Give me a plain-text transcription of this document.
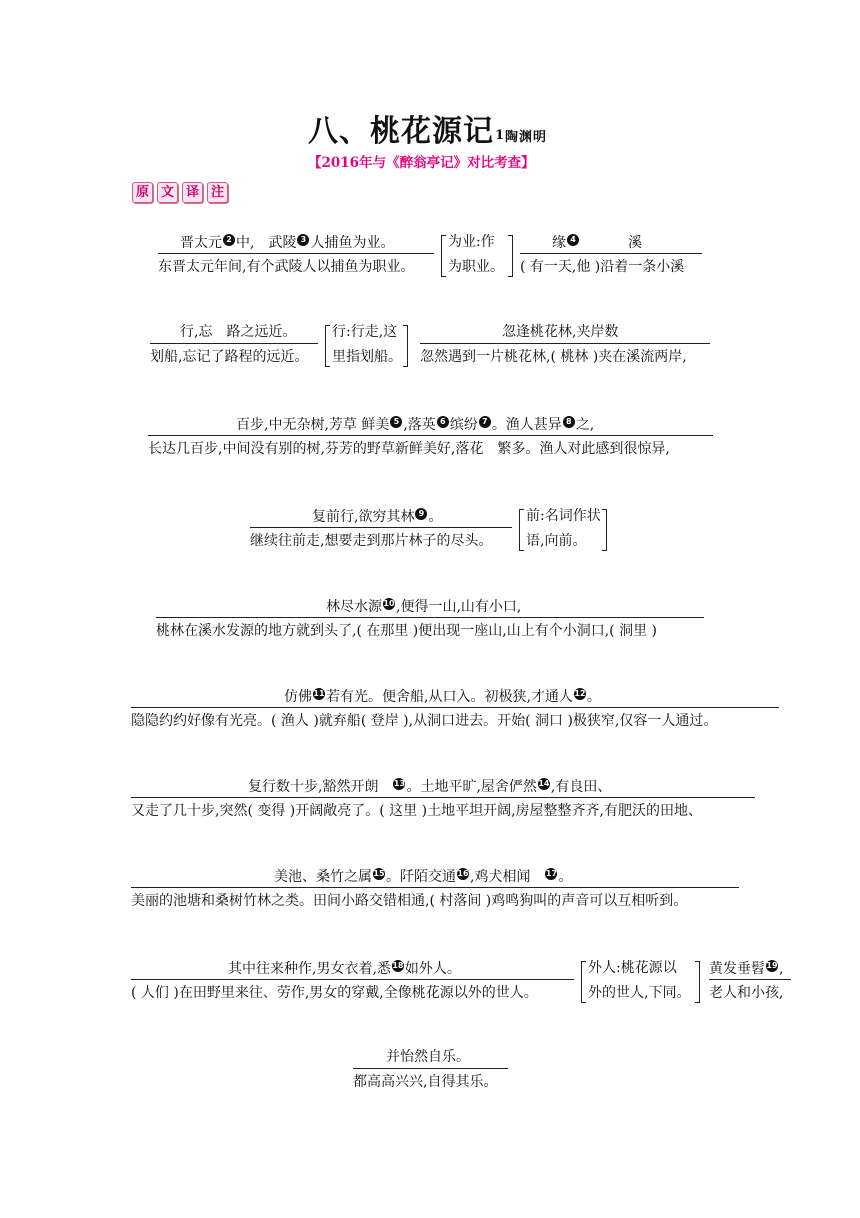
八、桃花源记1陶渊明
【2016年与《醉翁亭记》对比考查】
原 文 译 注
晋太元 2 中,　武陵 3 人捕鱼为业。
东晋太元年间,有个武陵人以捕鱼为职业。
为业:作
为职业。
缘 4	溪
( 有一天,他 )沿着一条小溪
行,忘　路之远近。
划船,忘记了路程的远近。
行:行走,这
里指划船。
忽逢桃花林,夹岸数
忽然遇到一片桃花林,( 桃林 )夹在溪流两岸,
百步,中无杂树,芳草 鲜美 5 ,落英 6 缤纷 7 。渔人甚异 8 之,
长达几百步,中间没有别的树,芬芳的野草新鲜美好,落花　繁多。渔人对此感到很惊异,
复前行,欲穷其林 9 。
继续往前走,想要走到那片林子的尽头。
前:名词作状
语,向前。
林尽水源10,便得一山,山有小口,
桃林在溪水发源的地方就到头了,( 在那里 )便出现一座山,山上有个小洞口,( 洞里 )
仿佛11若有光。便舍船,从口入。初极狭,才通人12。
隐隐约约好像有光亮。( 渔人 )就弃船( 登岸 ),从洞口进去。开始( 洞口 )极狭窄,仅容一人通过。
复行数十步,豁然开朗　13。土地平旷,屋舍俨然14,有良田、
又走了几十步,突然( 变得 )开阔敞亮了。( 这里 )土地平坦开阔,房屋整整齐齐,有肥沃的田地、
美池、桑竹之属15。阡陌交通16,鸡犬相闻　17。
美丽的池塘和桑树竹林之类。田间小路交错相通,( 村落间 )鸡鸣狗叫的声音可以互相听到。
其中往来种作,男女衣着,悉18如外人。
( 人们 )在田野里来往、劳作,男女的穿戴,全像桃花源以外的世人。
外人:桃花源以
外的世人,下同。
黄发垂髫19,
老人和小孩,
并怡然自乐。
都高高兴兴,自得其乐。
